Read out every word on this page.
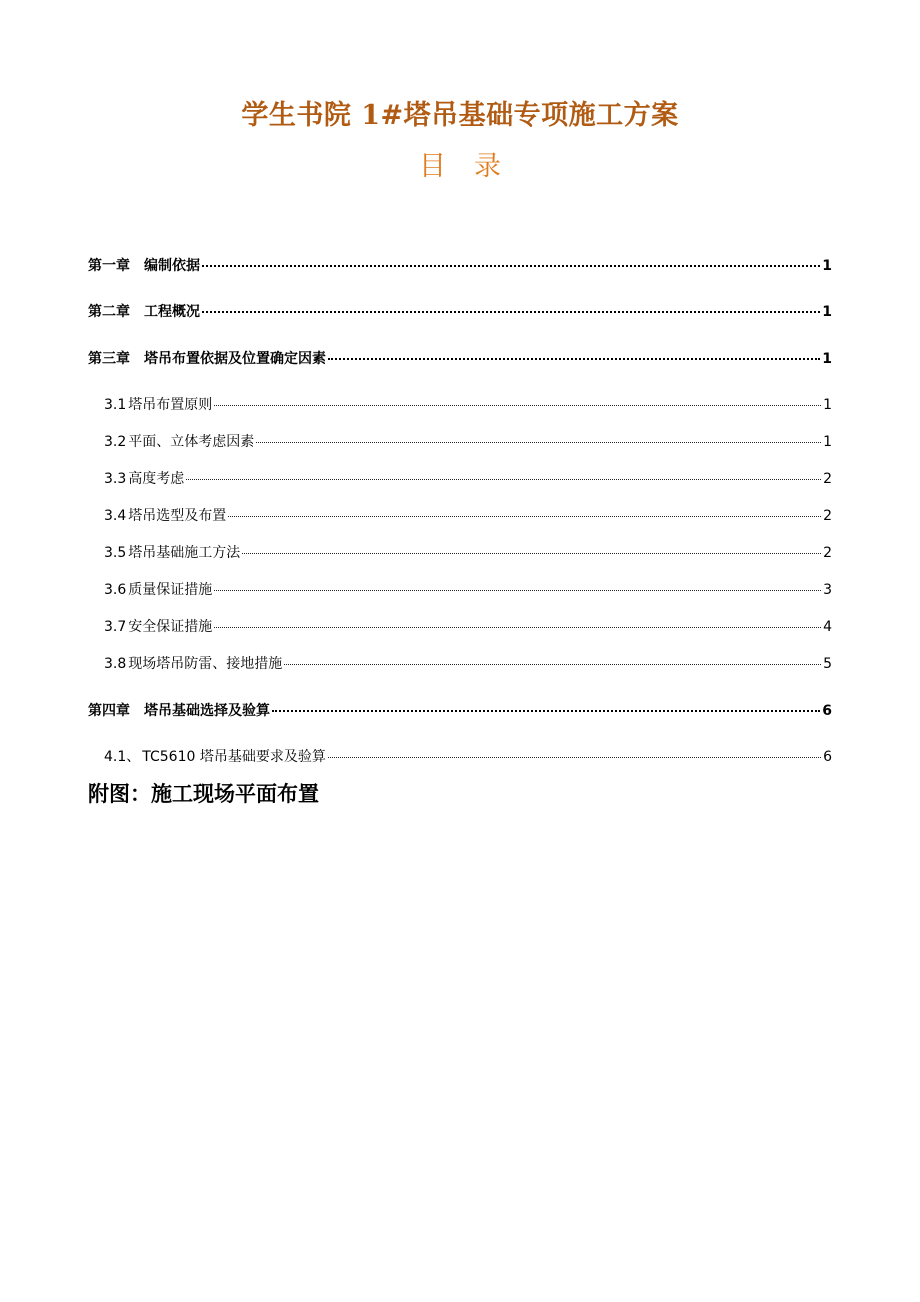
学生书院 1#塔吊基础专项施工方案
目 录
第一章 编制依据	1
第二章 工程概况	1
第三章 塔吊布置依据及位置确定因素	1
3.1 塔吊布置原则	1
3.2 平面、立体考虑因素	1
3.3 高度考虑	2
3.4 塔吊选型及布置	2
3.5 塔吊基础施工方法	2
3.6 质量保证措施	3
3.7 安全保证措施	4
3.8 现场塔吊防雷、接地措施	5
第四章 塔吊基础选择及验算	6
4.1、 TC5610 塔吊基础要求及验算	6
附图：施工现场平面布置
